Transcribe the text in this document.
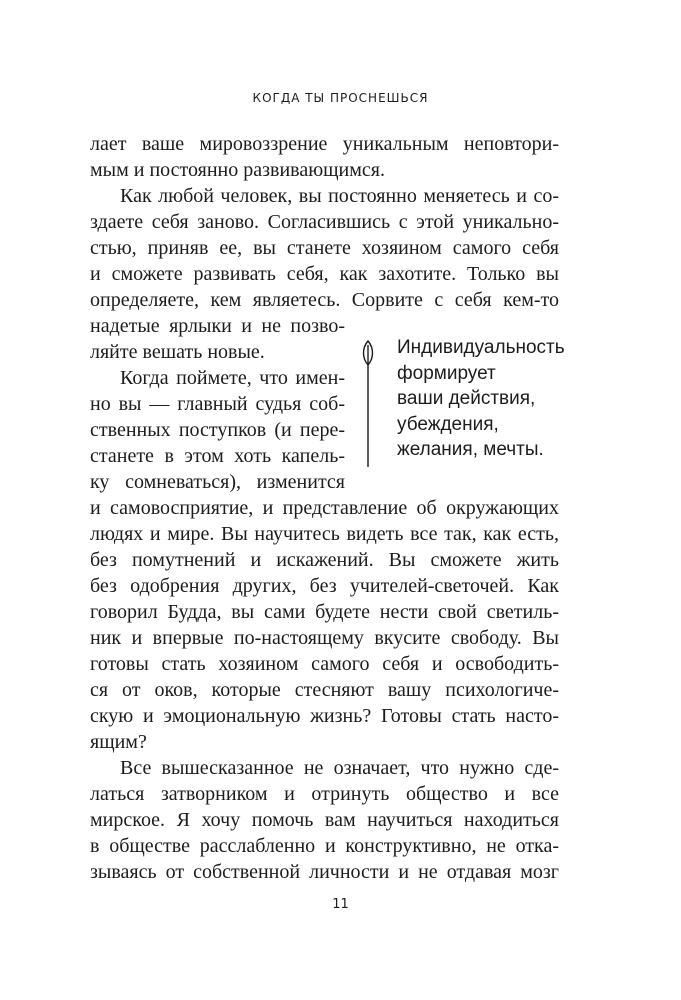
КОГДА ТЫ ПРОСНЕШЬСЯ
лает ваше мировоззрение уникальным неповтори-
мым и постоянно развивающимся.
Как любой человек, вы постоянно меняетесь и со-
здаете себя заново. Согласившись с этой уникально-
стью, приняв ее, вы станете хозяином самого себя
и сможете развивать себя, как захотите. Только вы
определяете, кем являетесь. Сорвите с себя кем-то
надетые ярлыки и не позво-
ляйте вешать новые.
Когда поймете, что имен-
но вы — главный судья соб-
ственных поступков (и пере-
станете в этом хоть капель-
ку сомневаться), изменится
и самовосприятие, и представление об окружающих
людях и мире. Вы научитесь видеть все так, как есть,
без помутнений и искажений. Вы сможете жить
без одобрения других, без учителей-светочей. Как
говорил Будда, вы сами будете нести свой светиль-
ник и впервые по-настоящему вкусите свободу. Вы
готовы стать хозяином самого себя и освободить-
ся от оков, которые стесняют вашу психологиче-
скую и эмоциональную жизнь? Готовы стать насто-
ящим?
Все вышесказанное не означает, что нужно сде-
латься затворником и отринуть общество и все
мирское. Я хочу помочь вам научиться находиться
в обществе расслабленно и конструктивно, не отка-
зываясь от собственной личности и не отдавая мозг
Индивидуальность
формирует
ваши действия,
убеждения,
желания, мечты.
11
